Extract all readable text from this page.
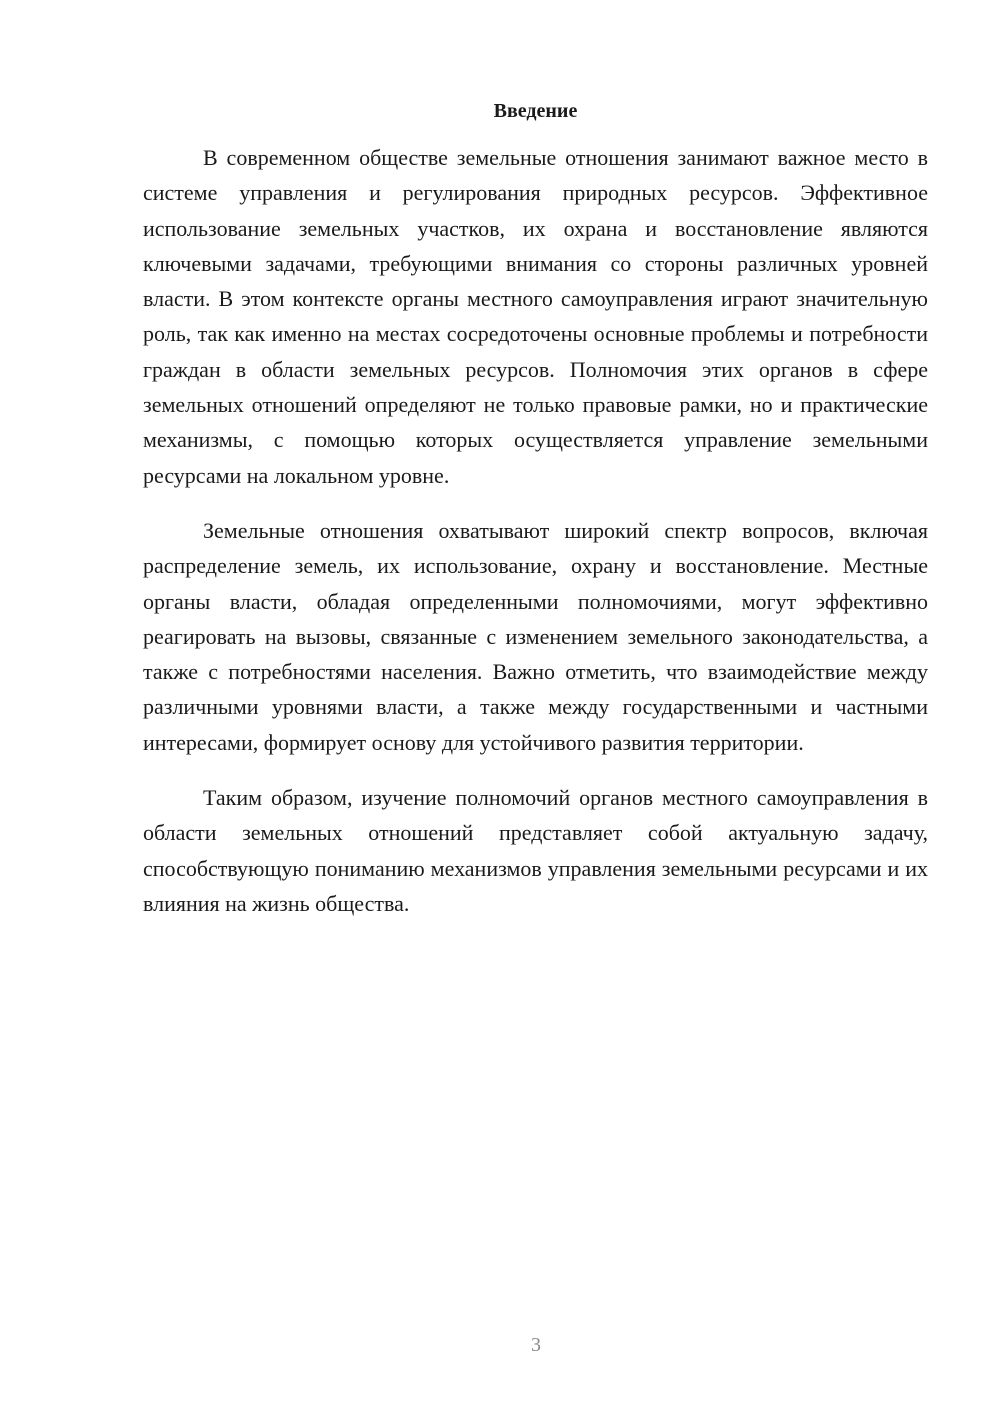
Введение

В современном обществе земельные отношения занимают важное место в системе управления и регулирования природных ресурсов. Эффективное использование земельных участков, их охрана и восстановление являются ключевыми задачами, требующими внимания со стороны различных уровней власти. В этом контексте органы местного самоуправления играют значительную роль, так как именно на местах сосредоточены основные проблемы и потребности граждан в области земельных ресурсов. Полномочия этих органов в сфере земельных отношений определяют не только правовые рамки, но и практические механизмы, с помощью которых осуществляется управление земельными ресурсами на локальном уровне.

Земельные отношения охватывают широкий спектр вопросов, включая распределение земель, их использование, охрану и восстановление. Местные органы власти, обладая определенными полномочиями, могут эффективно реагировать на вызовы, связанные с изменением земельного законодательства, а также с потребностями населения. Важно отметить, что взаимодействие между различными уровнями власти, а также между государственными и частными интересами, формирует основу для устойчивого развития территории.

Таким образом, изучение полномочий органов местного самоуправления в области земельных отношений представляет собой актуальную задачу, способствующую пониманию механизмов управления земельными ресурсами и их влияния на жизнь общества.

3
